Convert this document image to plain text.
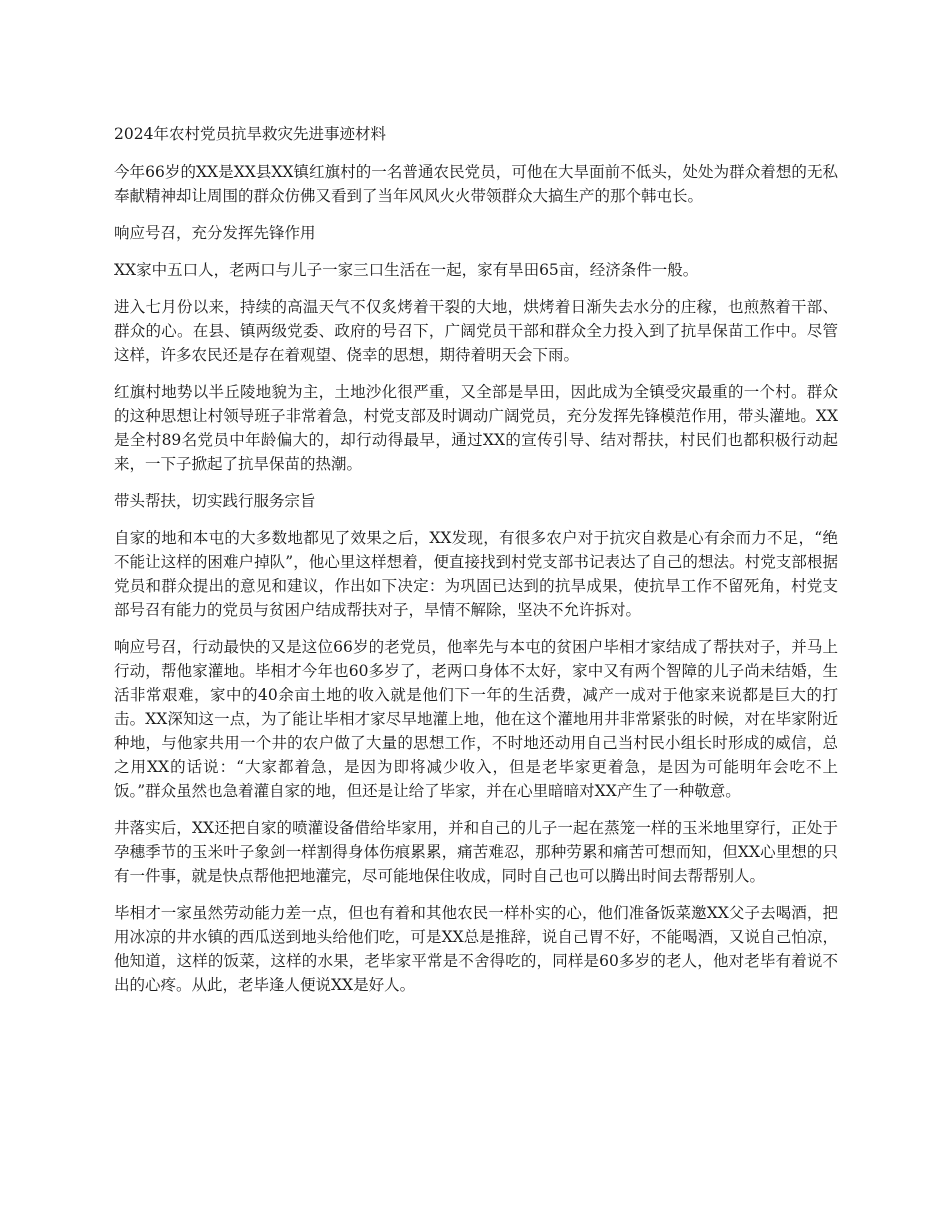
2024年农村党员抗旱救灾先进事迹材料

今年66岁的XX是XX县XX镇红旗村的一名普通农民党员，可他在大旱面前不低头，处处为群众着想的无私奉献精神却让周围的群众仿佛又看到了当年风风火火带领群众大搞生产的那个韩屯长。

响应号召，充分发挥先锋作用

XX家中五口人，老两口与儿子一家三口生活在一起，家有旱田65亩，经济条件一般。

进入七月份以来，持续的高温天气不仅炙烤着干裂的大地，烘烤着日渐失去水分的庄稼，也煎熬着干部、群众的心。在县、镇两级党委、政府的号召下，广阔党员干部和群众全力投入到了抗旱保苗工作中。尽管这样，许多农民还是存在着观望、侥幸的思想，期待着明天会下雨。

红旗村地势以半丘陵地貌为主，土地沙化很严重，又全部是旱田，因此成为全镇受灾最重的一个村。群众的这种思想让村领导班子非常着急，村党支部及时调动广阔党员，充分发挥先锋模范作用，带头灌地。XX是全村89名党员中年龄偏大的，却行动得最早，通过XX的宣传引导、结对帮扶，村民们也都积极行动起来，一下子掀起了抗旱保苗的热潮。

带头帮扶，切实践行服务宗旨

自家的地和本屯的大多数地都见了效果之后，XX发现，有很多农户对于抗灾自救是心有余而力不足，“绝不能让这样的困难户掉队”，他心里这样想着，便直接找到村党支部书记表达了自己的想法。村党支部根据党员和群众提出的意见和建议，作出如下决定：为巩固已达到的抗旱成果，使抗旱工作不留死角，村党支部号召有能力的党员与贫困户结成帮扶对子，旱情不解除，坚决不允许拆对。

响应号召，行动最快的又是这位66岁的老党员，他率先与本屯的贫困户毕相才家结成了帮扶对子，并马上行动，帮他家灌地。毕相才今年也60多岁了，老两口身体不太好，家中又有两个智障的儿子尚未结婚，生活非常艰难，家中的40余亩土地的收入就是他们下一年的生活费，减产一成对于他家来说都是巨大的打击。XX深知这一点，为了能让毕相才家尽早地灌上地，他在这个灌地用井非常紧张的时候，对在毕家附近种地，与他家共用一个井的农户做了大量的思想工作，不时地还动用自己当村民小组长时形成的威信，总之用XX的话说：“大家都着急，是因为即将减少收入，但是老毕家更着急，是因为可能明年会吃不上饭。”群众虽然也急着灌自家的地，但还是让给了毕家，并在心里暗暗对XX产生了一种敬意。

井落实后，XX还把自家的喷灌设备借给毕家用，并和自己的儿子一起在蒸笼一样的玉米地里穿行，正处于孕穗季节的玉米叶子象剑一样割得身体伤痕累累，痛苦难忍，那种劳累和痛苦可想而知，但XX心里想的只有一件事，就是快点帮他把地灌完，尽可能地保住收成，同时自己也可以腾出时间去帮帮别人。

毕相才一家虽然劳动能力差一点，但也有着和其他农民一样朴实的心，他们准备饭菜邀XX父子去喝酒，把用冰凉的井水镇的西瓜送到地头给他们吃，可是XX总是推辞，说自己胃不好，不能喝酒，又说自己怕凉，他知道，这样的饭菜，这样的水果，老毕家平常是不舍得吃的，同样是60多岁的老人，他对老毕有着说不出的心疼。从此，老毕逢人便说XX是好人。
